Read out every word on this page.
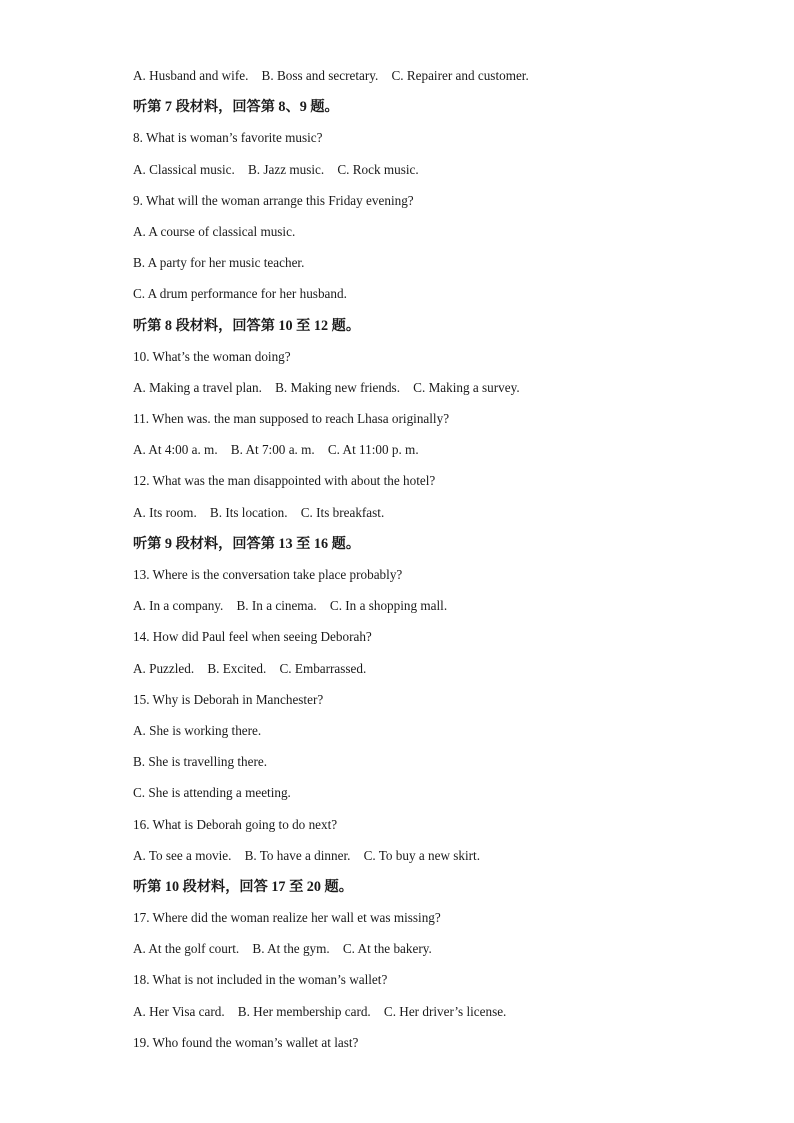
A. Husband and wife.    B. Boss and secretary.    C. Repairer and customer.
听第 7 段材料，回答第 8、9 题。
8. What is woman’s favorite music?
A. Classical music.    B. Jazz music.    C. Rock music.
9. What will the woman arrange this Friday evening?
A. A course of classical music.
B. A party for her music teacher.
C. A drum performance for her husband.
听第 8 段材料，回答第 10 至 12 题。
10. What’s the woman doing?
A. Making a travel plan.    B. Making new friends.    C. Making a survey.
11. When was. the man supposed to reach Lhasa originally?
A. At 4:00 a. m.    B. At 7:00 a. m.    C. At 11:00 p. m.
12. What was the man disappointed with about the hotel?
A. Its room.    B. Its location.    C. Its breakfast.
听第 9 段材料，回答第 13 至 16 题。
13. Where is the conversation take place probably?
A. In a company.    B. In a cinema.    C. In a shopping mall.
14. How did Paul feel when seeing Deborah?
A. Puzzled.    B. Excited.    C. Embarrassed.
15. Why is Deborah in Manchester?
A. She is working there.
B. She is travelling there.
C. She is attending a meeting.
16. What is Deborah going to do next?
A. To see a movie.    B. To have a dinner.    C. To buy a new skirt.
听第 10 段材料，回答 17 至 20 题。
17. Where did the woman realize her wall et was missing?
A. At the golf court.    B. At the gym.    C. At the bakery.
18. What is not included in the woman’s wallet?
A. Her Visa card.    B. Her membership card.    C. Her driver’s license.
19. Who found the woman’s wallet at last?
